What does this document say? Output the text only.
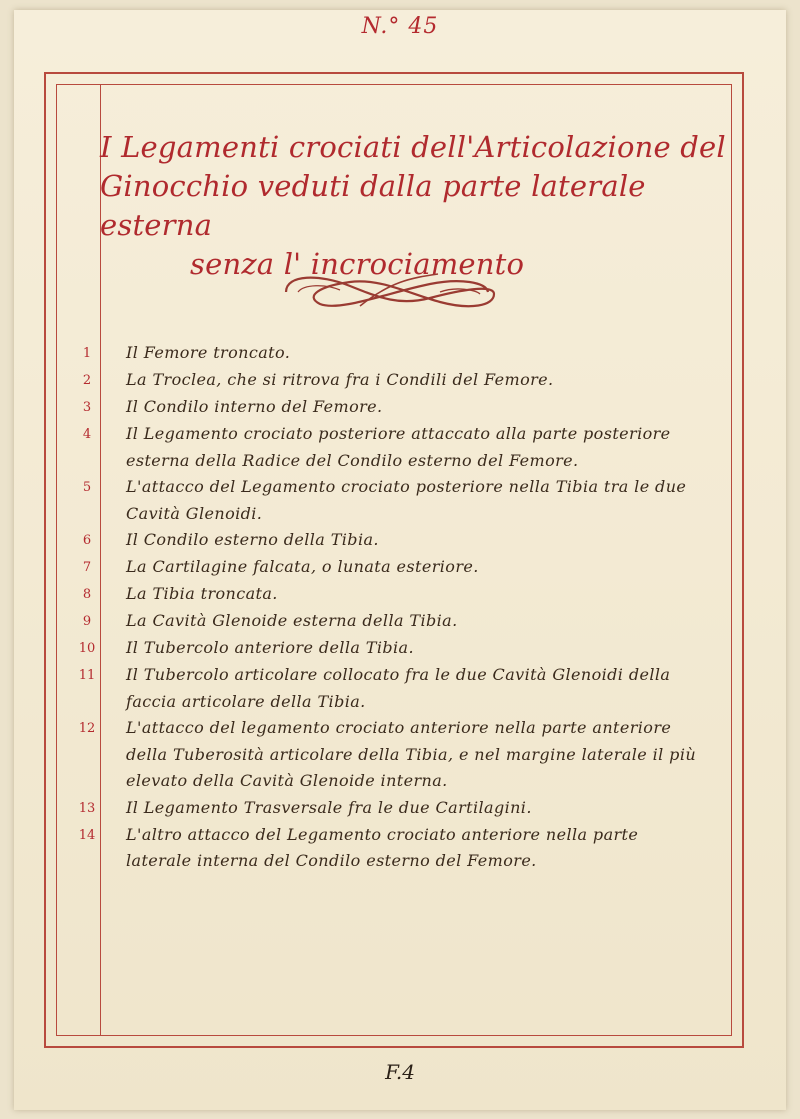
N.° 45
I Legamenti crociati dell'Articolazione del
Ginocchio veduti dalla parte laterale esterna
senza l' incrociamento
1	Il Femore troncato.
2	La Troclea, che si ritrova fra i Condili del Femore.
3	Il Condilo interno del Femore.
4	Il Legamento crociato posteriore attaccato alla parte posteriore esterna della Radice del Condilo esterno del Femore.
5	L'attacco del Legamento crociato posteriore nella Tibia tra le due Cavità Glenoidi.
6	Il Condilo esterno della Tibia.
7	La Cartilagine falcata, o lunata esteriore.
8	La Tibia troncata.
9	La Cavità Glenoide esterna della Tibia.
10	Il Tubercolo anteriore della Tibia.
11	Il Tubercolo articolare collocato fra le due Cavità Glenoidi della faccia articolare della Tibia.
12	L'attacco del legamento crociato anteriore nella parte anteriore della Tuberosità articolare della Tibia, e nel margine laterale il più elevato della Cavità Glenoide interna.
13	Il Legamento Trasversale fra le due Cartilagini.
14	L'altro attacco del Legamento crociato anteriore nella parte laterale interna del Condilo esterno del Femore.
F.4
